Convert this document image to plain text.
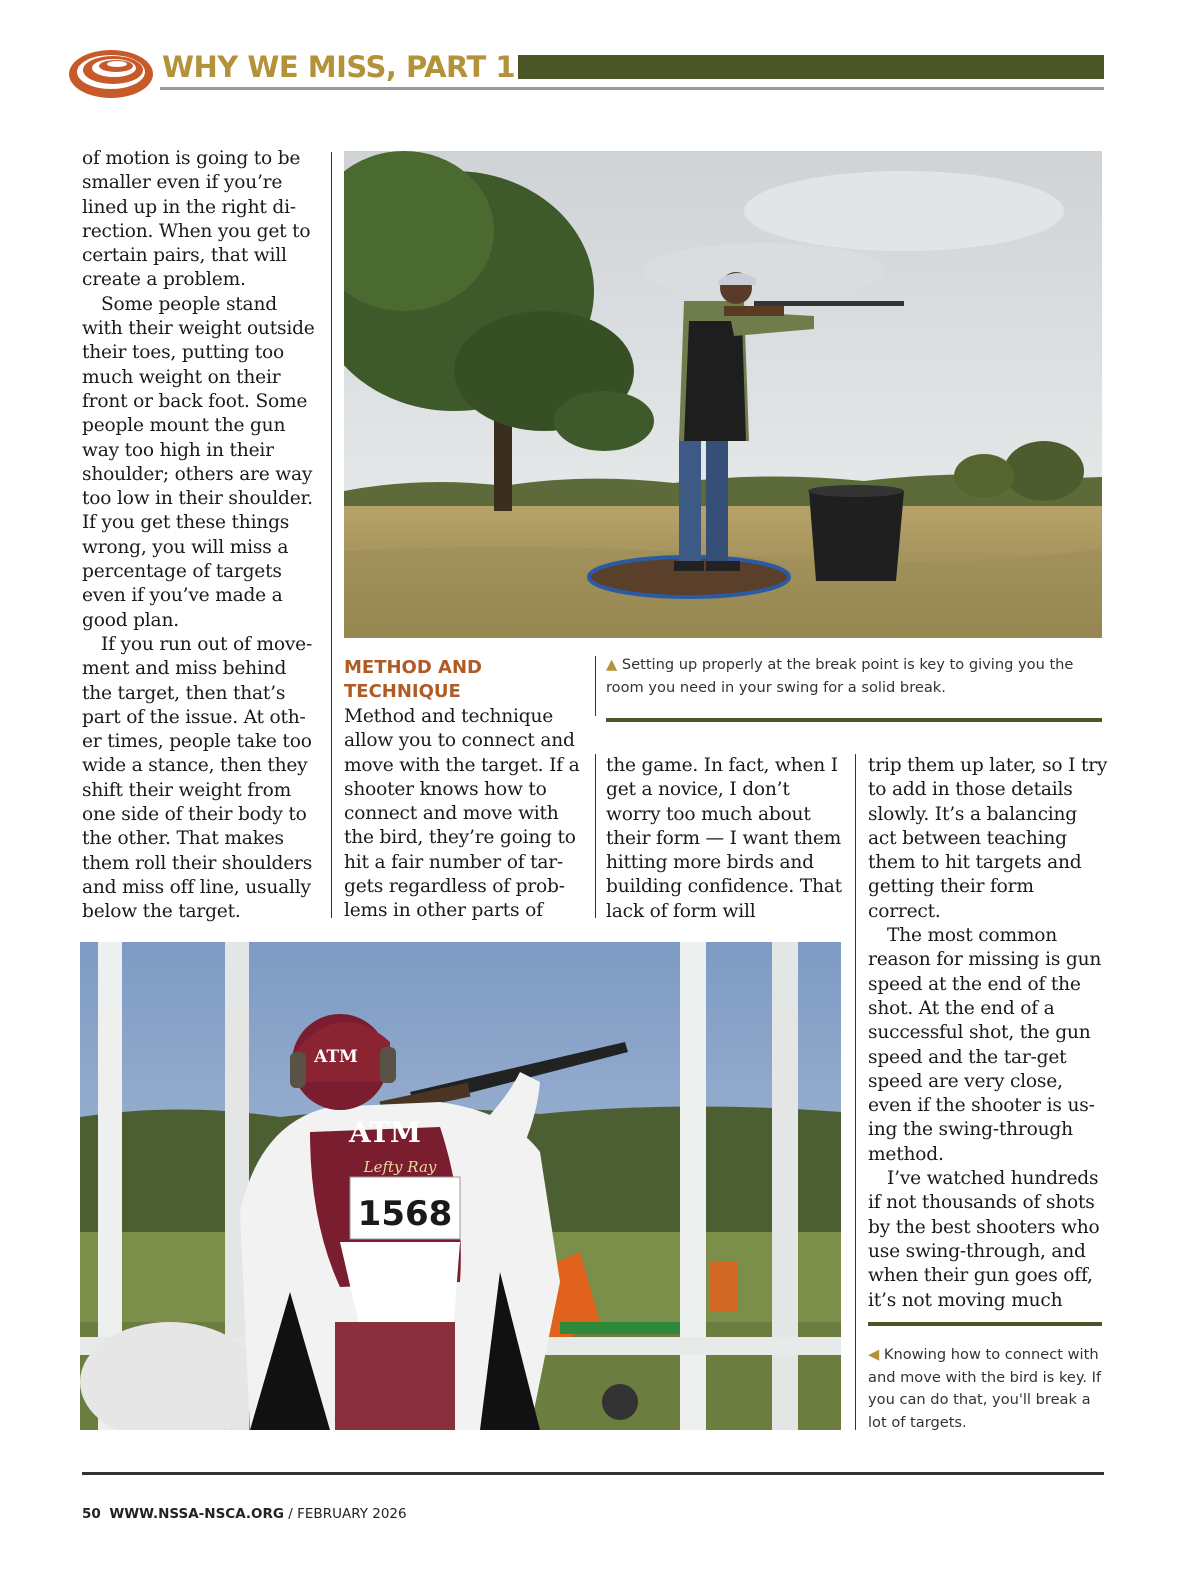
WHY WE MISS, PART 1

of motion is going to be smaller even if you’re lined up in the right di-rection. When you get to certain pairs, that will create a problem.

Some people stand with their weight outside their toes, putting too much weight on their front or back foot. Some people mount the gun way too high in their shoulder; others are way too low in their shoulder. If you get these things wrong, you will miss a percentage of targets even if you’ve made a good plan.

If you run out of move-ment and miss behind the target, then that’s part of the issue. At oth-er times, people take too wide a stance, then they shift their weight from one side of their body to the other. That makes them roll their shoulders and miss off line, usually below the target.

METHOD AND TECHNIQUE

Method and technique allow you to connect and move with the target. If a shooter knows how to connect and move with the bird, they’re going to hit a fair number of tar-gets regardless of prob-lems in other parts of

▲ Setting up properly at the break point is key to giving you the room you need in your swing for a solid break.

the game. In fact, when I get a novice, I don’t worry too much about their form — I want them hitting more birds and building confidence. That lack of form will

trip them up later, so I try to add in those details slowly. It’s a balancing act between teaching them to hit targets and getting their form correct.

The most common reason for missing is gun speed at the end of the shot. At the end of a successful shot, the gun speed and the tar-get speed are very close, even if the shooter is us-ing the swing-through method.

I’ve watched hundreds if not thousands of shots by the best shooters who use swing-through, and when their gun goes off, it’s not moving much

1568
Lefty Ray
ATM
ATM
◀ Knowing how to connect with and move with the bird is key. If you can do that, you'll break a lot of targets.
50 WWW.NSSA-NSCA.ORG / FEBRUARY 2026
